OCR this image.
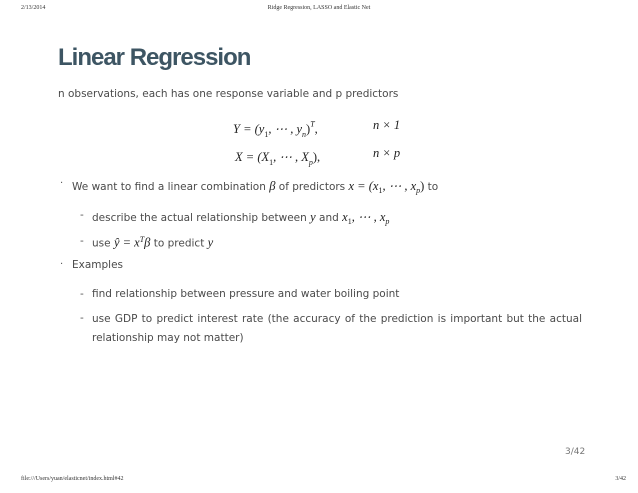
2/13/2014	Ridge Regression, LASSO and Elastic Net
Linear Regression
n observations, each has one response variable and p predictors
$Y = (y_1$, ⋯ , $y_n)^T$,	n × 1
$X = (X_1$, ⋯ , $X_p$),	n × p
· We want to find a linear combination β of predictors $x = (x_1$, ⋯ , $x_p$) to
- describe the actual relationship between y and $x_1$, ⋯ , $x_p$
- use ŷ = $x^T\beta$ to predict y
· Examples
- find relationship between pressure and water boiling point
- use GDP to predict interest rate (the accuracy of the prediction is important but the actual relationship may not matter)
3/42
file:///Users/yuan/elasticnet/index.html#42	3/42
